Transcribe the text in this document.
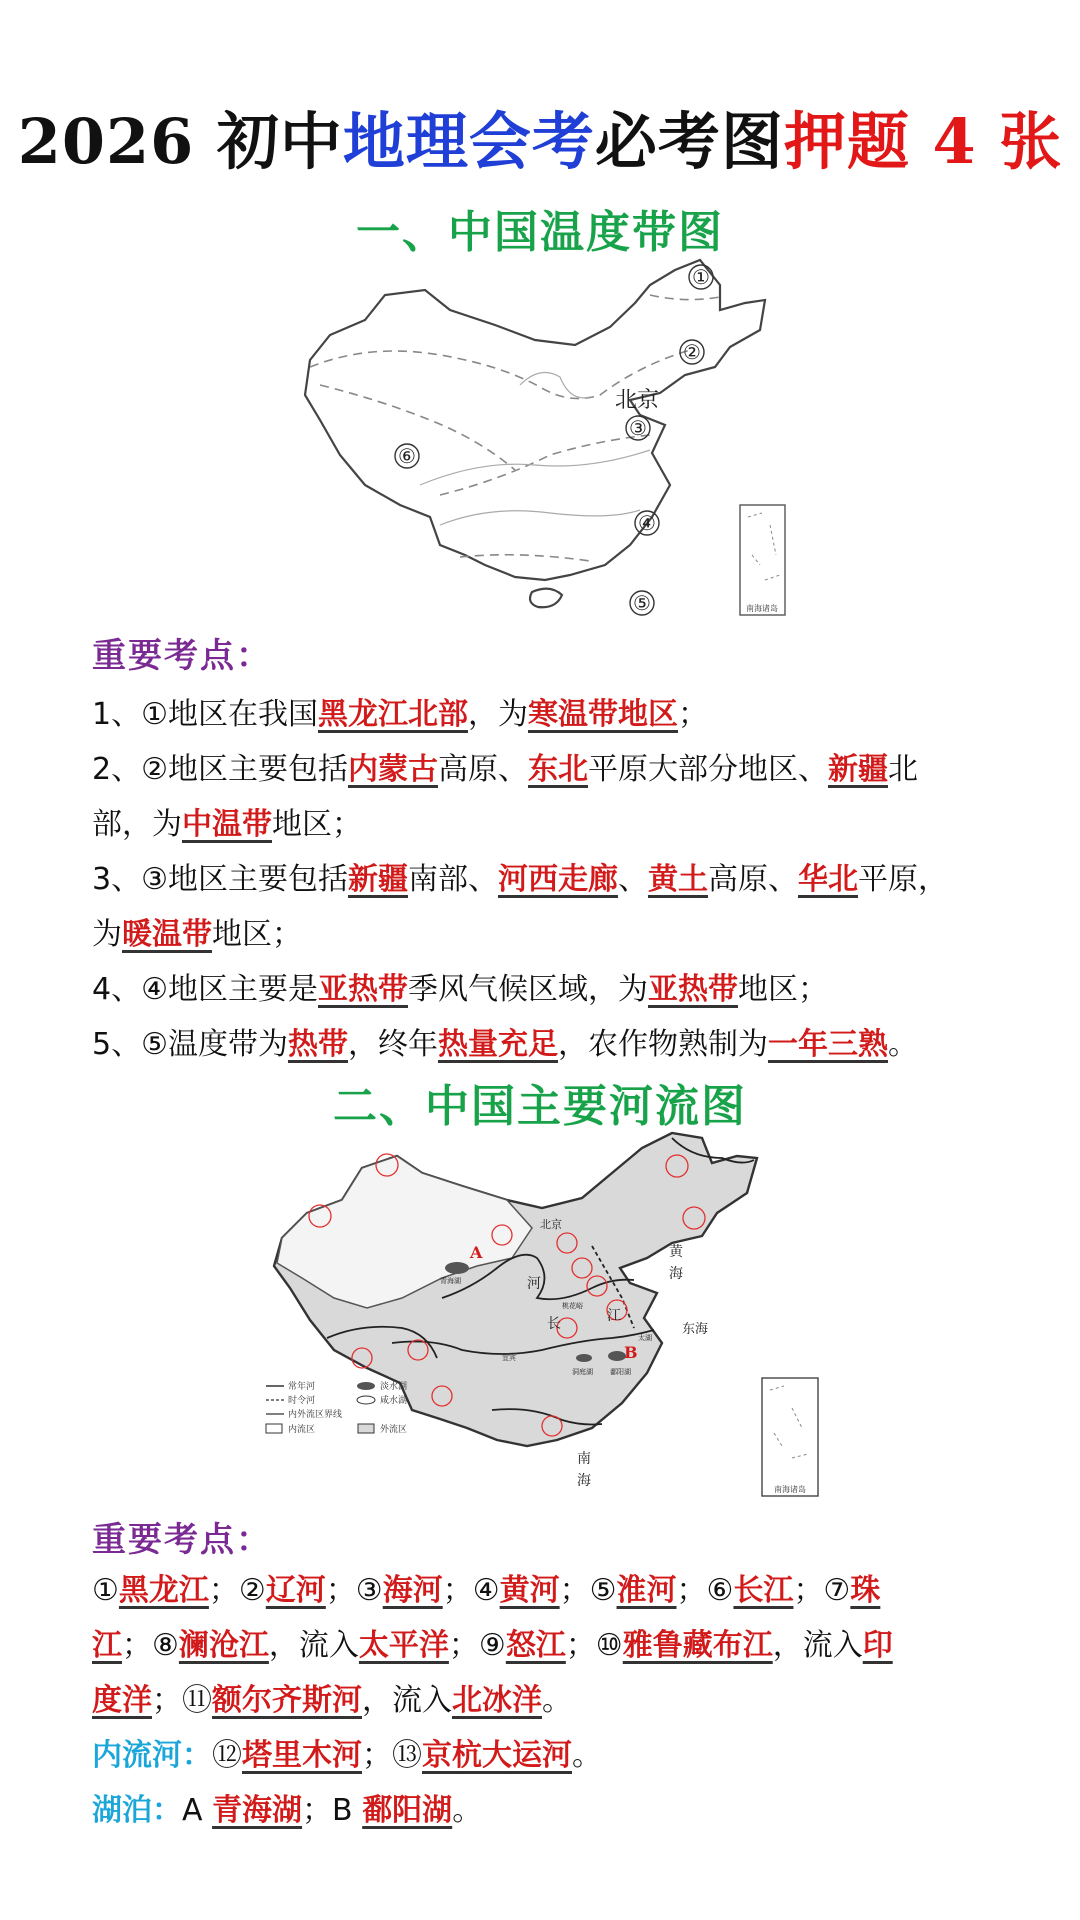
2026 初中地理会考必考图押题 4 张
一、中国温度带图
①
②
北京
③
⑥
④
⑤	南海诸岛
重要考点：
1、①地区在我国黑龙江北部，为寒温带地区；
2、②地区主要包括内蒙古高原、东北平原大部分地区、新疆北
部，为中温带地区；
3、③地区主要包括新疆南部、河西走廊、黄土高原、华北平原，
为暖温带地区；
4、④地区主要是亚热带季风气候区域，为亚热带地区；
5、⑤温度带为热带，终年热量充足，农作物熟制为一年三熟。
二、中国主要河流图
北京
黄
海
东海
南
海
河
长	江
A
B
青海湖
桃花峪
宜宾
太湖
鄱阳湖
洞庭湖
常年河
时令河
内外流区界线
内流区
淡水湖
咸水湖
外流区
南海诸岛
重要考点：
①黑龙江；②辽河；③海河；④黄河；⑤淮河；⑥长江；⑦珠
江；⑧澜沧江，流入太平洋；⑨怒江；⑩雅鲁藏布江，流入印
度洋；⑪额尔齐斯河，流入北冰洋。
内流河：⑫塔里木河；⑬京杭大运河。
湖泊：A 青海湖；B 鄱阳湖。
